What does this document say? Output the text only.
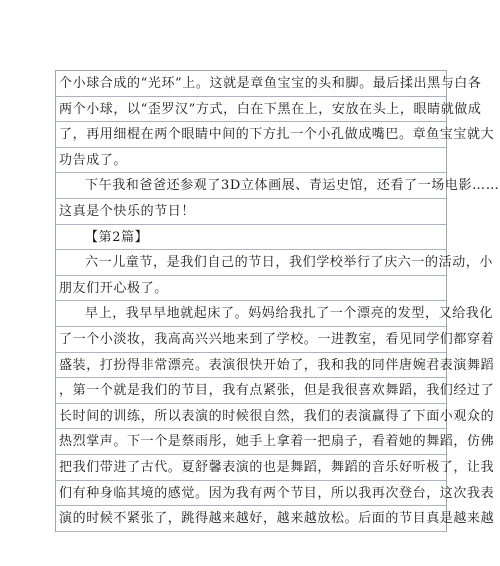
个小球合成的“光环”上。这就是章鱼宝宝的头和脚。最后揉出黑与白各
两个小球，以“歪罗汉”方式，白在下黑在上，安放在头上，眼睛就做成
了，再用细棍在两个眼睛中间的下方扎一个小孔做成嘴巴。章鱼宝宝就大
功告成了。
下午我和爸爸还参观了3D立体画展、青运史馆，还看了一场电影……
这真是个快乐的节日！
【第2篇】
六一儿童节，是我们自己的节日，我们学校举行了庆六一的活动，小
朋友们开心极了。
早上，我早早地就起床了。妈妈给我扎了一个漂亮的发型，又给我化
了一个小淡妆，我高高兴兴地来到了学校。一进教室，看见同学们都穿着
盛装，打扮得非常漂亮。表演很快开始了，我和我的同伴唐婉君表演舞蹈
，第一个就是我们的节目，我有点紧张，但是我很喜欢舞蹈，我们经过了
长时间的训练，所以表演的时候很自然，我们的表演赢得了下面小观众的
热烈掌声。下一个是蔡雨彤，她手上拿着一把扇子，看着她的舞蹈，仿佛
把我们带进了古代。夏舒馨表演的也是舞蹈，舞蹈的音乐好听极了，让我
们有种身临其境的感觉。因为我有两个节目，所以我再次登台，这次我表
演的时候不紧张了，跳得越来越好，越来越放松。后面的节目真是越来越
